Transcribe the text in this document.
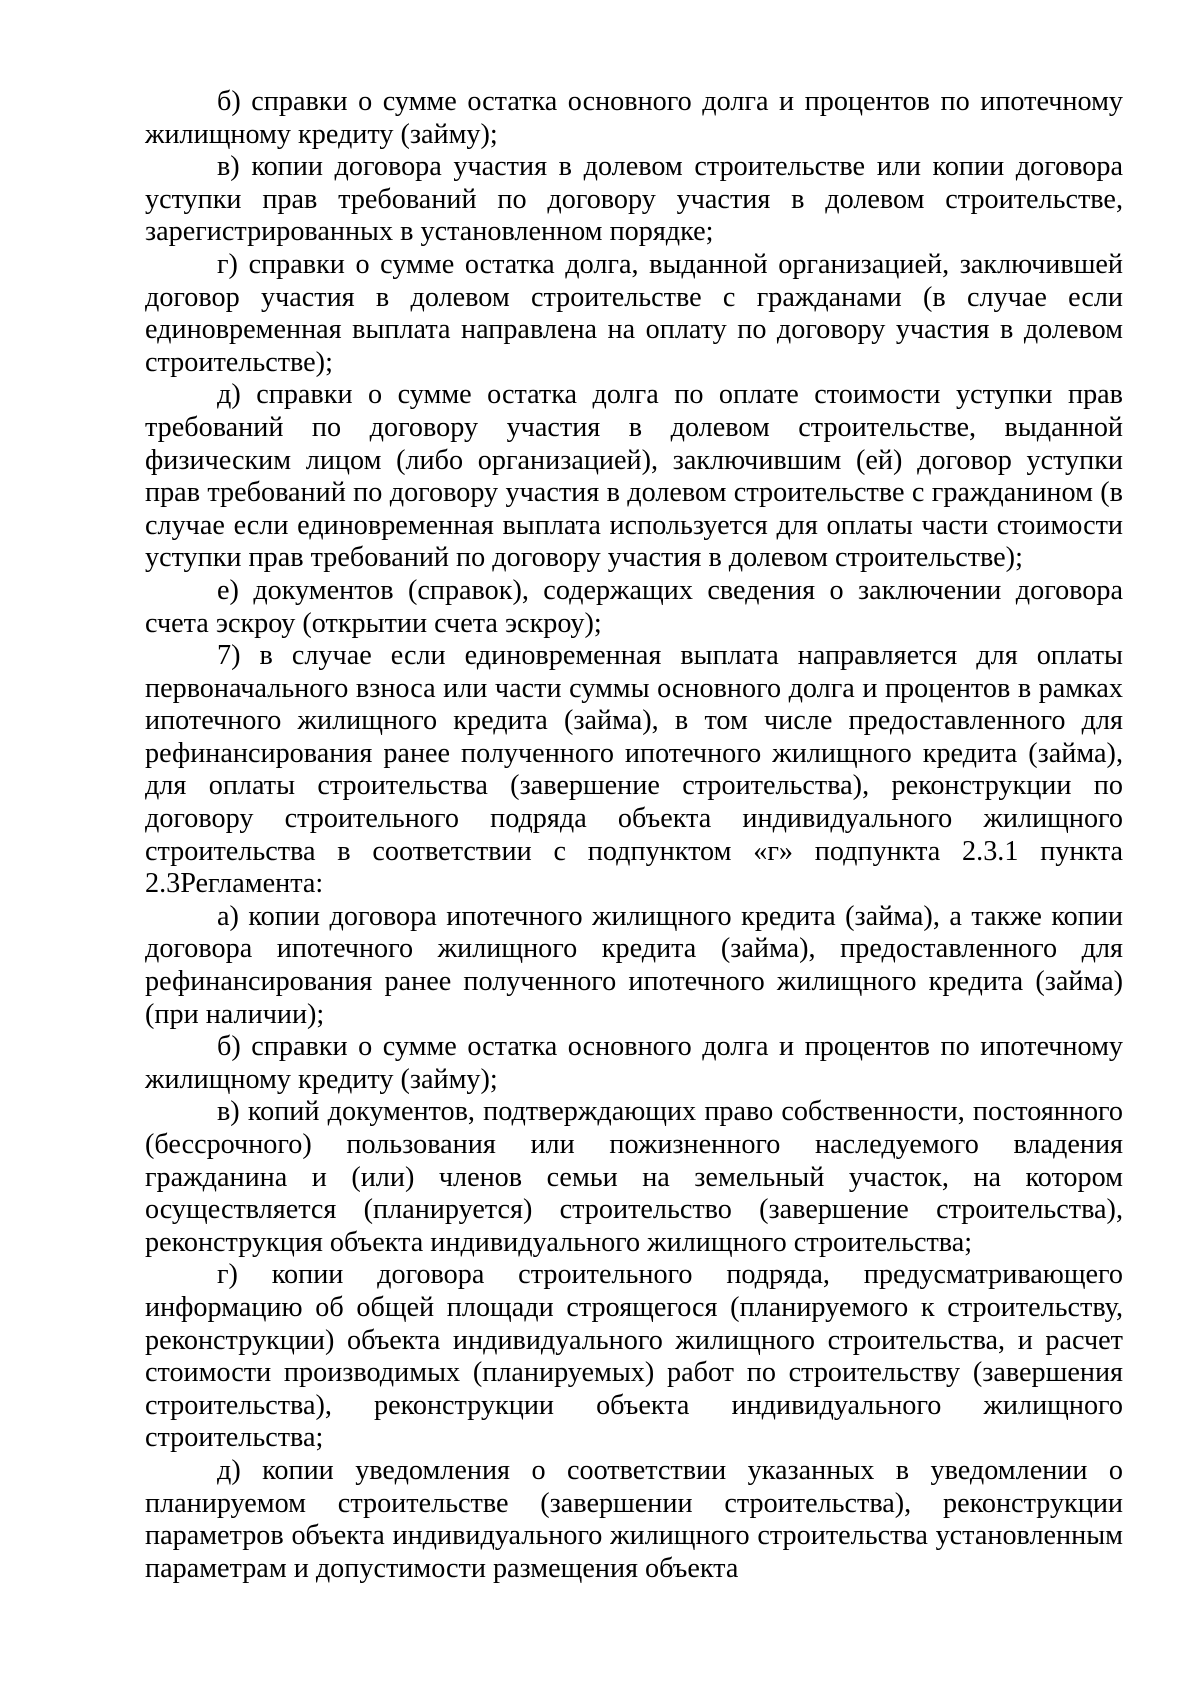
б) справки о сумме остатка основного долга и процентов по ипотечному жилищному кредиту (займу);

в) копии договора участия в долевом строительстве или копии договора уступки прав требований по договору участия в долевом строительстве, зарегистрированных в установленном порядке;

г) справки о сумме остатка долга, выданной организацией, заключившей договор участия в долевом строительстве с гражданами (в случае если единовременная выплата направлена на оплату по договору участия в долевом строительстве);

д) справки о сумме остатка долга по оплате стоимости уступки прав требований по договору участия в долевом строительстве, выданной физическим лицом (либо организацией), заключившим (ей) договор уступки прав требований по договору участия в долевом строительстве с гражданином (в случае если единовременная выплата используется для оплаты части стоимости уступки прав требований по договору участия в долевом строительстве);

е) документов (справок), содержащих сведения о заключении договора счета эскроу (открытии счета эскроу);

7) в случае если единовременная выплата направляется для оплаты первоначального взноса или части суммы основного долга и процентов в рамках ипотечного жилищного кредита (займа), в том числе предоставленного для рефинансирования ранее полученного ипотечного жилищного кредита (займа), для оплаты строительства (завершение строительства), реконструкции по договору строительного подряда объекта индивидуального жилищного строительства в соответствии с подпунктом «г» подпункта 2.3.1 пункта 2.3Регламента:

а) копии договора ипотечного жилищного кредита (займа), а также копии договора ипотечного жилищного кредита (займа), предоставленного для рефинансирования ранее полученного ипотечного жилищного кредита (займа) (при наличии);

б) справки о сумме остатка основного долга и процентов по ипотечному жилищному кредиту (займу);

в) копий документов, подтверждающих право собственности, постоянного (бессрочного) пользования или пожизненного наследуемого владения гражданина и (или) членов семьи на земельный участок, на котором осуществляется (планируется) строительство (завершение строительства), реконструкция объекта индивидуального жилищного строительства;

г) копии договора строительного подряда, предусматривающего информацию об общей площади строящегося (планируемого к строительству, реконструкции) объекта индивидуального жилищного строительства, и расчет стоимости производимых (планируемых) работ по строительству (завершения строительства), реконструкции объекта индивидуального жилищного строительства;

д) копии уведомления о соответствии указанных в уведомлении о планируемом строительстве (завершении строительства), реконструкции параметров объекта индивидуального жилищного строительства установленным параметрам и допустимости размещения объекта
